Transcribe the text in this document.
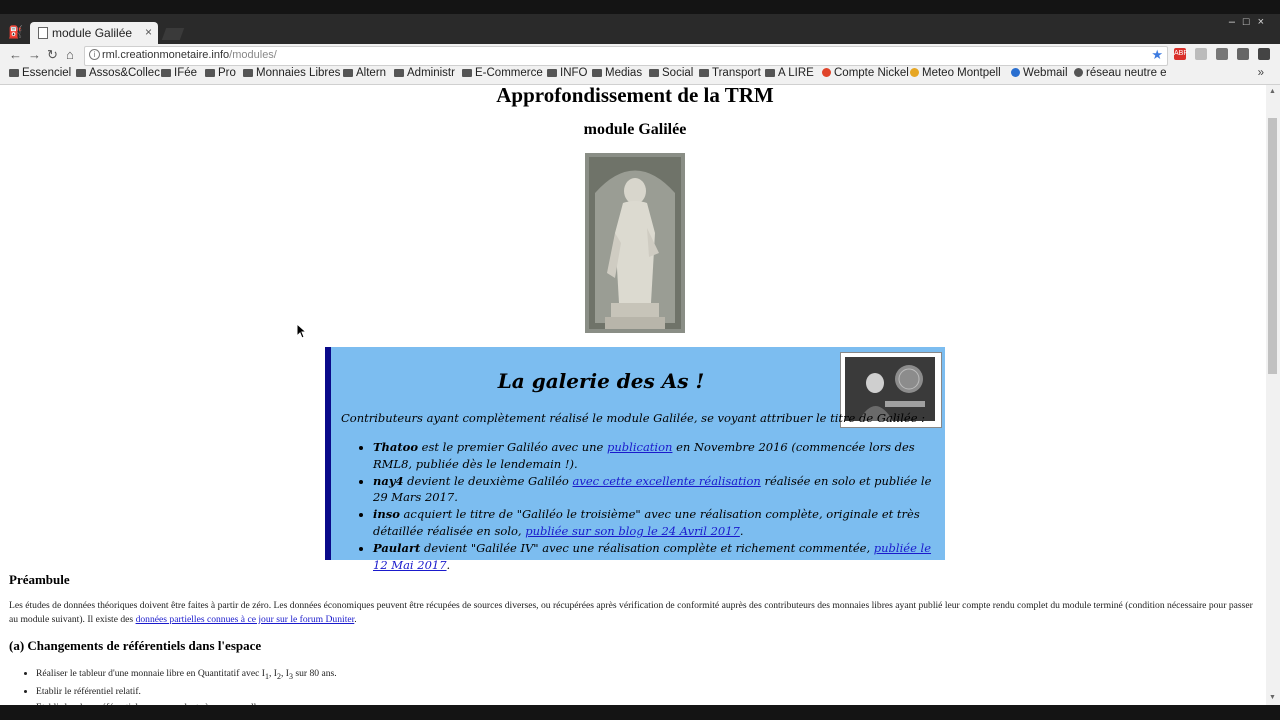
⛽ module Galilée ×
–□×
← → ↻ ⌂	i rml.creationmonetaire.info/modules/	★ ABP
Essenciel	Assos&Collec	IFée	Pro	Monnaies Libres	Altern	Administr	E-Commerce	INFO	Medias	Social	Transport	A LIRE	Compte Nickel	Meteo Montpell	Webmail	réseau neutre e	»
Approfondissement de la TRM
module Galilée
La galerie des As !
Contributeurs ayant complètement réalisé le module Galilée, se voyant attribuer le titre de Galilée :
• Thatoo est le premier Galiléo avec une publication en Novembre 2016 (commencée lors des RML8, publiée dès le lendemain !).
• nay4 devient le deuxième Galiléo avec cette excellente réalisation réalisée en solo et publiée le 29 Mars 2017.
• inso acquiert le titre de "Galiléo le troisième" avec une réalisation complète, originale et très détaillée réalisée en solo, publiée sur son blog le 24 Avril 2017.
• Paulart devient "Galilée IV" avec une réalisation complète et richement commentée, publiée le 12 Mai 2017.
Préambule
Les études de données théoriques doivent être faites à partir de zéro. Les données économiques peuvent être récupées de sources diverses, ou récupérées après vérification de conformité auprès des contributeurs des monnaies libres ayant publié leur compte rendu complet du module terminé (condition nécessaire pour passer au module suivant). Il existe des données partielles connues à ce jour sur le forum Duniter.
(a) Changements de référentiels dans l'espace
• Réaliser le tableur d'une monnaie libre en Quantitatif avec $I_1$, $I_2$, $I_3$ sur 80 ans.
• Etablir le référentiel relatif.
•
▲
▼
